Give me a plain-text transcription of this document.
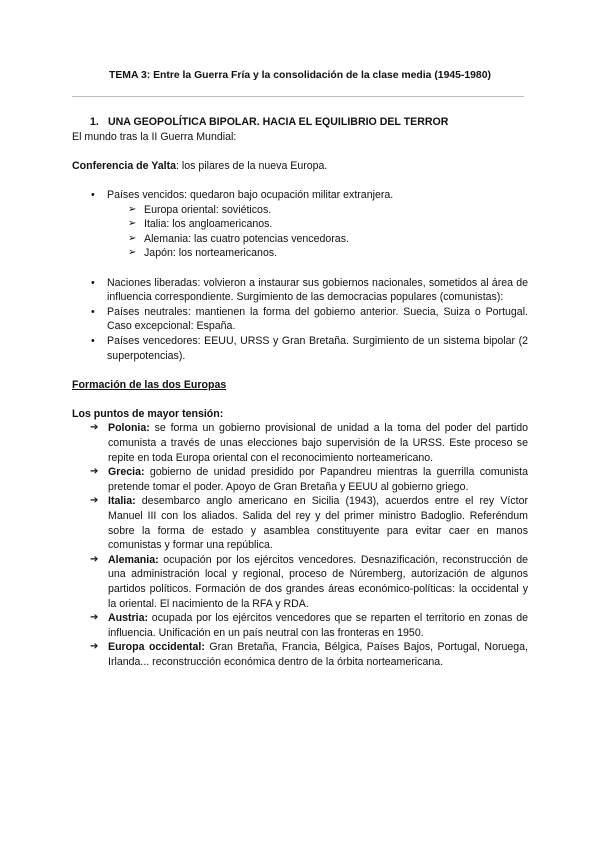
TEMA 3: Entre la Guerra Fría y la consolidación de la clase media (1945-1980)

1. UNA GEOPOLÍTICA BIPOLAR. HACIA EL EQUILIBRIO DEL TERROR

El mundo tras la II Guerra Mundial:

Conferencia de Yalta: los pilares de la nueva Europa.

• Países vencidos: quedaron bajo ocupación militar extranjera.
➢ Europa oriental: soviéticos.
➢ Italia: los angloamericanos.
➢ Alemania: las cuatro potencias vencedoras.
➢ Japón: los norteamericanos.
• Naciones liberadas: volvieron a instaurar sus gobiernos nacionales, sometidos al área de influencia correspondiente. Surgimiento de las democracias populares (comunistas):
• Países neutrales: mantienen la forma del gobierno anterior. Suecia, Suiza o Portugal. Caso excepcional: España.
• Países vencedores: EEUU, URSS y Gran Bretaña. Surgimiento de un sistema bipolar (2 superpotencias).

Formación de las dos Europas

Los puntos de mayor tensión:

➔ Polonia: se forma un gobierno provisional de unidad a la toma del poder del partido comunista a través de unas elecciones bajo supervisión de la URSS. Este proceso se repite en toda Europa oriental con el reconocimiento norteamericano.
➔ Grecia: gobierno de unidad presidido por Papandreu mientras la guerrilla comunista pretende tomar el poder. Apoyo de Gran Bretaña y EEUU al gobierno griego.
➔ Italia: desembarco anglo americano en Sicilia (1943), acuerdos entre el rey Víctor Manuel III con los aliados. Salida del rey y del primer ministro Badoglio. Referéndum sobre la forma de estado y asamblea constituyente para evitar caer en manos comunistas y formar una república.
➔ Alemania: ocupación por los ejércitos vencedores. Desnazificación, reconstrucción de una administración local y regional, proceso de Núremberg, autorización de algunos partidos políticos. Formación de dos grandes áreas económico-políticas: la occidental y la oriental. El nacimiento de la RFA y RDA.
➔ Austria: ocupada por los ejércitos vencedores que se reparten el territorio en zonas de influencia. Unificación en un país neutral con las fronteras en 1950.
➔ Europa occidental: Gran Bretaña, Francia, Bélgica, Países Bajos, Portugal, Noruega, Irlanda... reconstrucción económica dentro de la órbita norteamericana.
